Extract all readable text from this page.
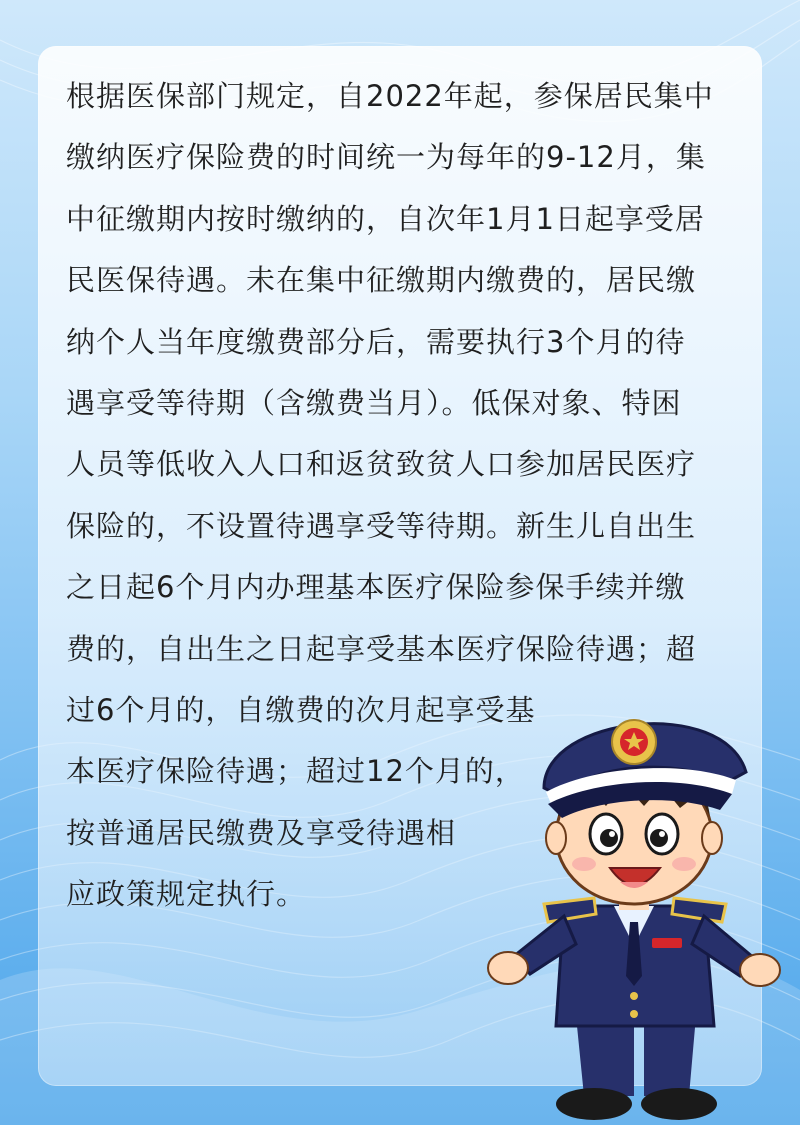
根据医保部门规定，自2022年起，参保居民集中
缴纳医疗保险费的时间统一为每年的9-12月，集
中征缴期内按时缴纳的，自次年1月1日起享受居
民医保待遇。未在集中征缴期内缴费的，居民缴
纳个人当年度缴费部分后，需要执行3个月的待
遇享受等待期（含缴费当月）。低保对象、特困
人员等低收入人口和返贫致贫人口参加居民医疗
保险的，不设置待遇享受等待期。新生儿自出生
之日起6个月内办理基本医疗保险参保手续并缴
费的，自出生之日起享受基本医疗保险待遇；超
过6个月的，自缴费的次月起享受基
本医疗保险待遇；超过12个月的，
按普通居民缴费及享受待遇相
应政策规定执行。
